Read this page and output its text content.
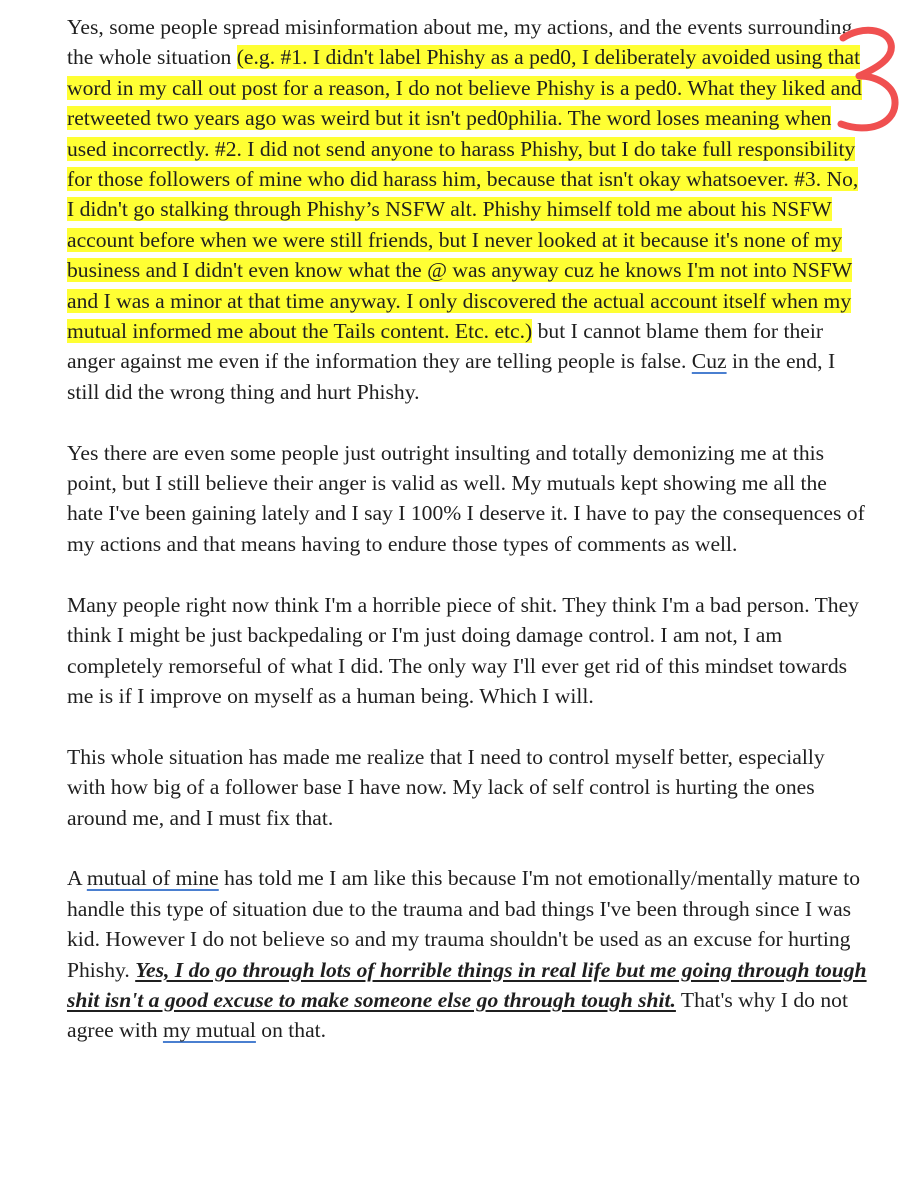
Yes, some people spread misinformation about me, my actions, and the events surrounding the whole situation (e.g. #1. I didn't label Phishy as a ped0, I deliberately avoided using that word in my call out post for a reason, I do not believe Phishy is a ped0. What they liked and retweeted two years ago was weird but it isn't ped0philia. The word loses meaning when used incorrectly. #2. I did not send anyone to harass Phishy, but I do take full responsibility for those followers of mine who did harass him, because that isn't okay whatsoever. #3. No, I didn't go stalking through Phishy’s NSFW alt. Phishy himself told me about his NSFW account before when we were still friends, but I never looked at it because it's none of my business and I didn't even know what the @ was anyway cuz he knows I'm not into NSFW and I was a minor at that time anyway. I only discovered the actual account itself when my mutual informed me about the Tails content. Etc. etc.) but I cannot blame them for their anger against me even if the information they are telling people is false. Cuz in the end, I still did the wrong thing and hurt Phishy.

Yes there are even some people just outright insulting and totally demonizing me at this point, but I still believe their anger is valid as well. My mutuals kept showing me all the hate I've been gaining lately and I say I 100% I deserve it. I have to pay the consequences of my actions and that means having to endure those types of comments as well.

Many people right now think I'm a horrible piece of shit. They think I'm a bad person. They think I might be just backpedaling or I'm just doing damage control. I am not, I am completely remorseful of what I did. The only way I'll ever get rid of this mindset towards me is if I improve on myself as a human being. Which I will.

This whole situation has made me realize that I need to control myself better, especially with how big of a follower base I have now. My lack of self control is hurting the ones around me, and I must fix that.

A mutual of mine has told me I am like this because I'm not emotionally/mentally mature to handle this type of situation due to the trauma and bad things I've been through since I was kid. However I do not believe so and my trauma shouldn't be used as an excuse for hurting Phishy. Yes, I do go through lots of horrible things in real life but me going through tough shit isn't a good excuse to make someone else go through tough shit. That's why I do not agree with my mutual on that.
